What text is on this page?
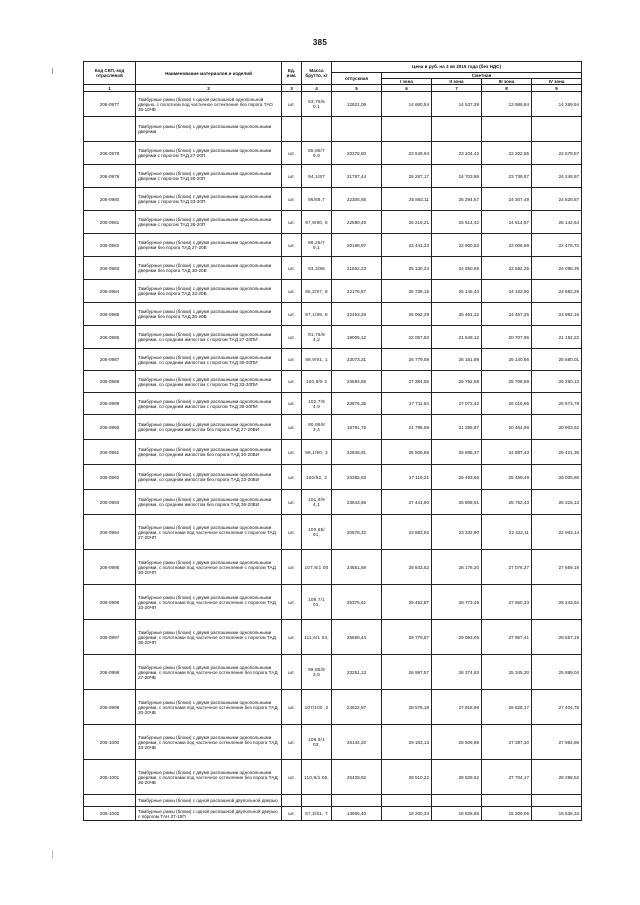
385
Код СКП, код отраслевой	Наименование материалов и изделий	Ед. изм.	Масса брутто, кг	Цена в руб. на 3 кв 2015 года (без НДС)				
				отпускная	Сметная			
					I зона	II зона	III зона	IV зона
1	2	3	4	5	6	7	8	9
206-0977	Тамбурные рамы (блоки) с одной распашной однопольной дверью, с полотном под частичное остекление без порога ТАО 36-10ЧВ	шт.	63,75/6 0,1	12821,06	14 660,54	14 537,29	13 989,84	14 269,54
	Тамбурные рамы (блоки) с двумя распашными однопольными дверями							
206-0978	Тамбурные рамы (блоки) с двумя распашными однопольными дверями с порогом ТАД 27-20П	шт.	85,95/7 9,9	20376,80	23 649,94	23 104,42	22 202,55	22 678,67
206-0979	Тамбурные рамы (блоки) с двумя распашными однопольными дверями с порогом ТАД 30-20П	шт.	94,1/87	21787,44	25 287,17	24 703,86	23 739,57	24 248,67
206-0980	Тамбурные рамы (блоки) с двумя распашными однопольными дверями с порогом ТАД 33-20П	шт.	96/88,7	22306,66	25 892,11	25 294,57	24 307,49	24 828,87
206-0981	Тамбурные рамы (блоки) с двумя распашными однопольными дверями с порогом ТАД 36-20П	шт.	97,9/90, 6	22590,49	26 219,21	25 614,42	24 614,57	25 142,64
206-0982	Тамбурные рамы (блоки) с двумя распашными однопольными дверями без порога ТАД 27-20В	шт.	86,25/7 9,1	20198,97	23 441,23	22 900,52	22 006,69	22 478,72
206-0983	Тамбурные рамы (блоки) с двумя распашными однопольными дверями без порога ТАД 30-20В	шт.	93,3/86	21652,23	25 130,24	24 550,59	23 592,25	24 098,39
206-0984	Тамбурные рамы (блоки) с двумя распашными однопольными дверями без порога ТАД 33-20В	шт.	95,2/87, 9	22176,87	25 739,15	25 145,44	24 163,90	24 682,29
206-0985	Тамбурные рамы (блоки) с двумя распашными однопольными дверями без порога ТАД 36-20В	шт.	97,1/89, 8	22453,28	26 062,29	25 461,12	24 467,25	24 992,16
206-0986	Тамбурные рамы (блоки) с двумя распашными однопольными дверями, со средним импостом с порогом ТАД 27-20ПИ	шт.	91,75/8 4,2	19005,12	22 057,92	21 549,12	20 707,96	21 152,22
206-0987	Тамбурные рамы (блоки) с двумя распашными однопольными дверями, со средним импостом с порогом ТАД 30-20ПИ	шт.	98,9/91, 1	23073,31	26 779,59	26 161,89	25 140,66	25 680,01
206-0988	Тамбурные рамы (блоки) с двумя распашными однопольными дверями, со средним импостом с порогом ТАД 33-20ПИ	шт.	100,8/9 3	23594,55	27 384,55	26 752,69	25 708,59	26 260,13
206-0989	Тамбурные рамы (блоки) с двумя распашными однопольными дверями, со средним импостом с порогом ТАД 36-20ПИ	шт.	102,7/9 4,9	23876,35	27 711,64	27 072,42	26 015,66	26 573,79
206-0990	Тамбурные рамы (блоки) с двумя распашными однопольными дверями, со средним импостом без порога ТАД 27-20ВИ	шт.	90,95/8 3,4	18781,76	21 798,69	21 295,87	20 464,59	20 903,62
206-0991	Тамбурные рамы (блоки) с двумя распашными однопольными дверями, со средним импостом без порога ТАД 30-20ВИ	шт.	98,1/90, 3	22846,91	26 506,86	25 895,37	24 887,43	25 421,35
206-0992	Тамбурные рамы (блоки) с двумя распашными однопольными дверями, со средним импостом без порога ТАД 33-20ВИ	шт.	100/92, 2	23365,93	27 119,21	26 493,66	25 459,49	26 005,66
206-0993	Тамбурные рамы (блоки) с двумя распашными однопольными дверями, со средним импостом без порога ТАД 36-20ВИ	шт.	101,9/9 4,1	23643,96	27 441,90	26 808,91	25 762,43	26 315,13
206-0994	Тамбурные рамы (блоки) с двумя распашными однопольными дверями, с полотнами под частичное остекление с порогом ТАД 27-20ЧП	шт.	100,65/ 91,	20578,32	23 883,82	23 332,90	22 422,11	22 903,14
206-0995	Тамбурные рамы (блоки) с двумя распашными однопольными дверями, с полотнами под частичное остекление с порогом ТАД 30-20ЧП	шт.	107,8/1 00	24851,59	28 843,52	28 178,20	27 078,27	27 659,19
206-0996	Тамбурные рамы (блоки) с двумя распашными однопольными дверями, с полотнами под частичное остекление с порогом ТАД 33-20ЧП	шт.	109,7/1 01,	25376,61	29 452,87	28 773,49	27 650,33	28 243,52
206-0997	Тамбурные рамы (блоки) с двумя распашными однопольными дверями, с полотнами под частичное остекление с порогом ТАД 36-20ЧП	шт.	111,6/1 03,	25658,44	29 779,97	29 093,05	27 957,41	28 557,19
206-0998	Тамбурные рамы (блоки) с двумя распашными однопольными дверями, с полотнами под частичное остекление без порога ТАД 27-20ЧВ	шт.	99,85/9 2,5	23251,13	26 997,57	26 374,83	25 345,30	25 889,04
206-0999	Тамбурные рамы (блоки) с двумя распашными однопольными дверями, с полотнами под частичное остекление без порога ТАД 30-20ЧВ	шт.	107/100 ,2	24622,97	28 578,18	27 918,98	26 829,17	27 404,75
206-1000	Тамбурные рамы (блоки) с двумя распашными однопольными дверями, с полотнами под частичное остекление без порога ТАД 33-20ЧВ	шт.	108,9/1 03,	25144,20	29 183,13	28 509,98	27 397,10	27 984,86
206-1001	Тамбурные рамы (блоки) с двумя распашными однопольными дверями, с полотнами под частичное остекление без порога ТАД 36-20ЧВ	шт.	110,8/1 05,	25428,92	29 510,22	28 829,62	27 704,17	28 298,52
	Тамбурные рамы (блоки) с одной распашной двупольной дверью							
206-1002	Тамбурные рамы (блоки) с одной распашной двупольной дверью с порогом ТАН 27-15П	шт.	67,2/61, 7	13955,40	16 200,34	15 826,65	15 209,06	15 535,34
